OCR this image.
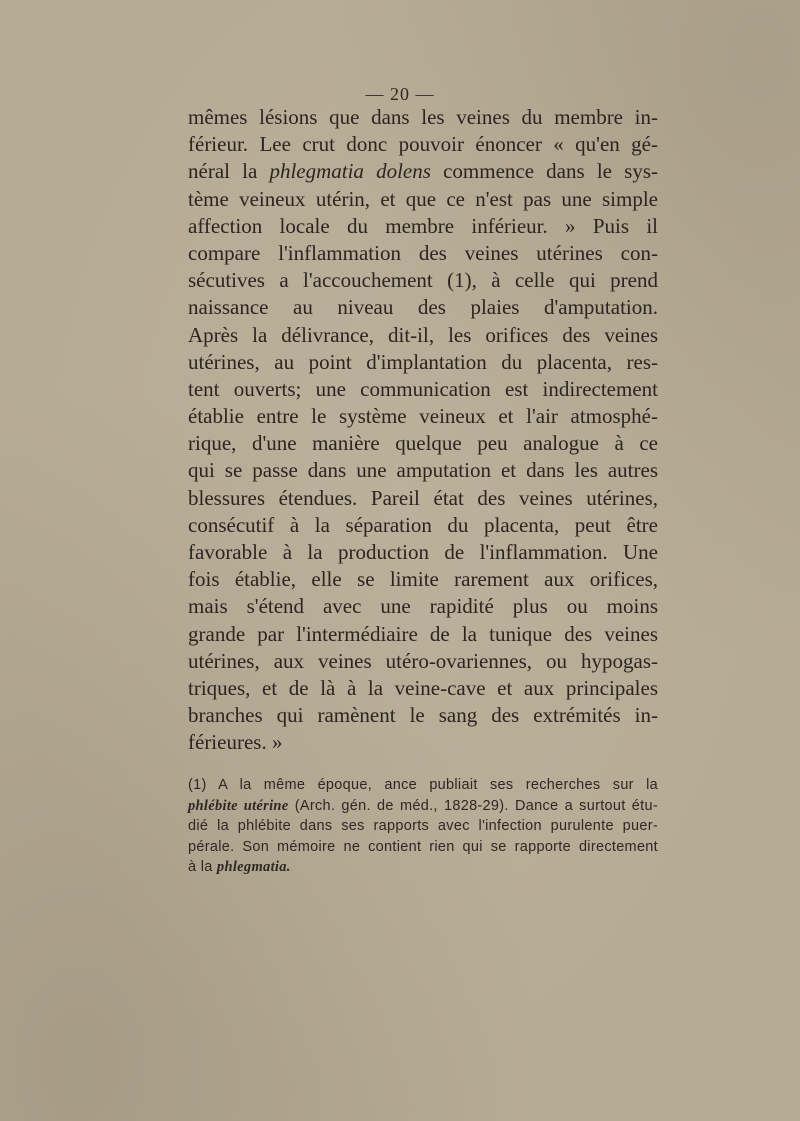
— 20 —
mêmes lésions que dans les veines du membre in-
férieur. Lee crut donc pouvoir énoncer « qu'en gé-
néral la phlegmatia dolens commence dans le sys-
tème veineux utérin, et que ce n'est pas une simple
affection locale du membre inférieur. » Puis il
compare l'inflammation des veines utérines con-
sécutives a l'accouchement (1), à celle qui prend
naissance au niveau des plaies d'amputation.
Après la délivrance, dit-il, les orifices des veines
utérines, au point d'implantation du placenta, res-
tent ouverts; une communication est indirectement
établie entre le système veineux et l'air atmosphé-
rique, d'une manière quelque peu analogue à ce
qui se passe dans une amputation et dans les autres
blessures étendues. Pareil état des veines utérines,
consécutif à la séparation du placenta, peut être
favorable à la production de l'inflammation. Une
fois établie, elle se limite rarement aux orifices,
mais s'étend avec une rapidité plus ou moins
grande par l'intermédiaire de la tunique des veines
utérines, aux veines utéro-ovariennes, ou hypogas-
triques, et de là à la veine-cave et aux principales
branches qui ramènent le sang des extrémités in-
férieures. »
(1) A la même époque, ance publiait ses recherches sur la
phlébite utérine (Arch. gén. de méd., 1828-29). Dance a surtout étu-
dié la phlébite dans ses rapports avec l'infection purulente puer-
pérale. Son mémoire ne contient rien qui se rapporte directement
à la phlegmatia.
